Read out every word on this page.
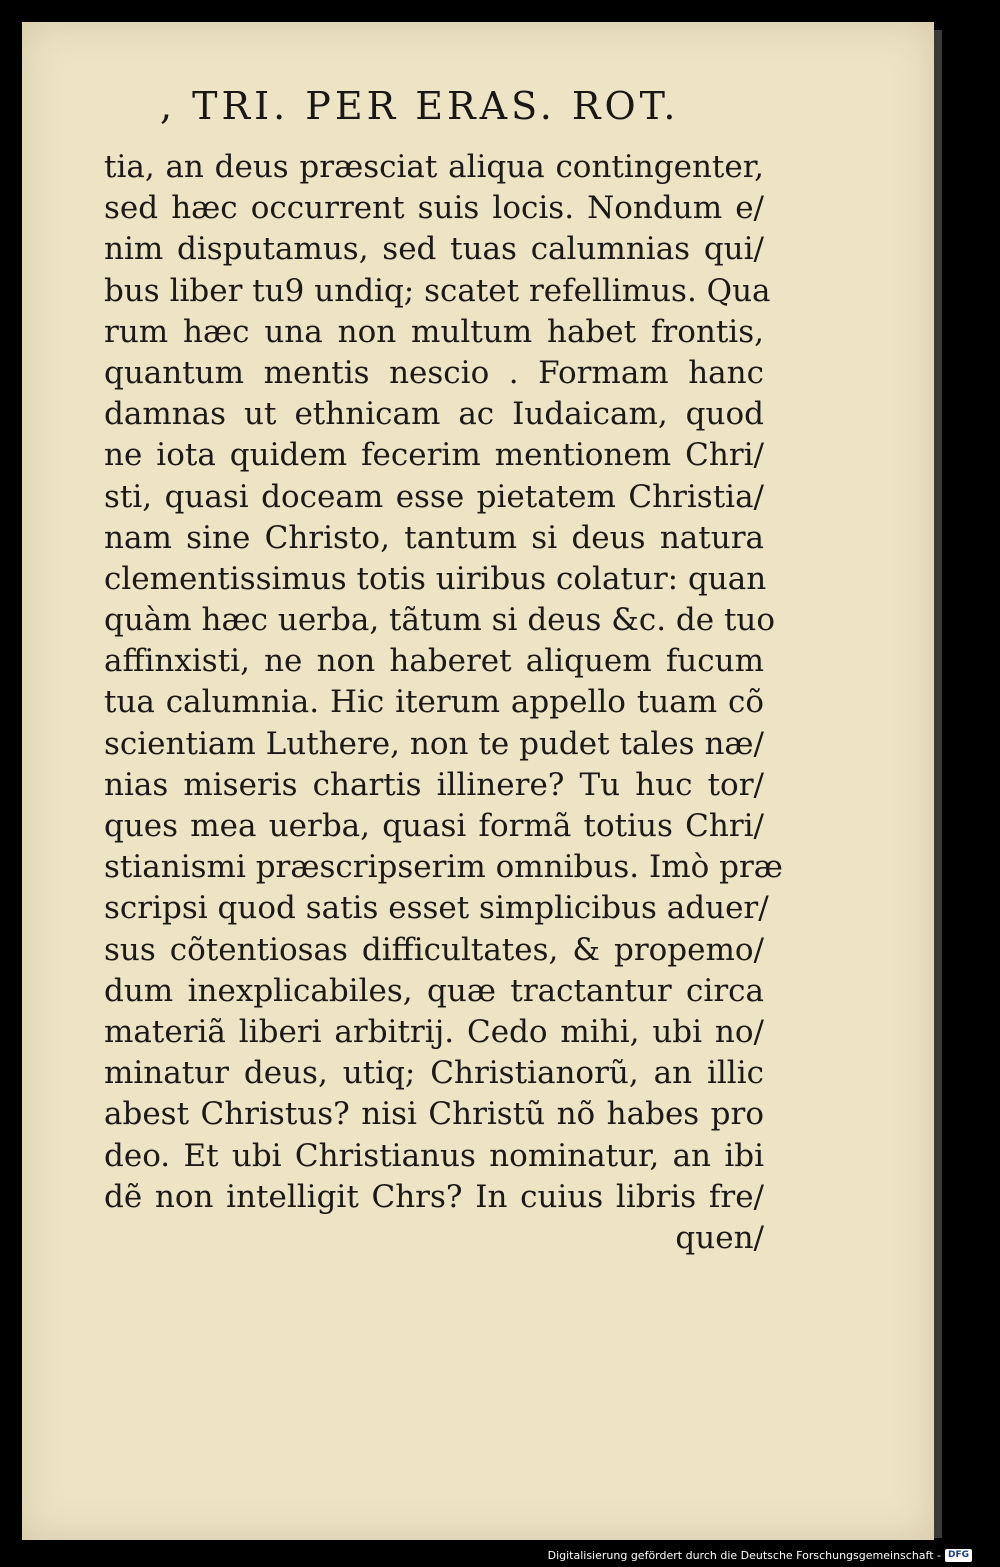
, TRI. PER ERAS. ROT.
tia, an deus præsciat aliqua contingenter,
sed hæc occurrent suis locis. Nondum e/
nim disputamus, sed tuas calumnias qui/
bus liber tu9 undiq; scatet refellimus. Qua
rum hæc una non multum habet frontis,
quantum mentis nescio . Formam hanc
damnas ut ethnicam ac Iudaicam, quod
ne iota quidem fecerim mentionem Chri/
sti, quasi doceam esse pietatem Christia/
nam sine Christo, tantum si deus natura
clementissimus totis uiribus colatur: quan
quàm hæc uerba, tãtum si deus &c. de tuo
affinxisti, ne non haberet aliquem fucum
tua calumnia. Hic iterum appello tuam cõ
scientiam Luthere, non te pudet tales næ/
nias miseris chartis illinere? Tu huc tor/
ques mea uerba, quasi formã totius Chri/
stianismi præscripserim omnibus. Imò præ
scripsi quod satis esset simplicibus aduer/
sus cõtentiosas difficultates, & propemo/
dum inexplicabiles, quæ tractantur circa
materiã liberi arbitrij. Cedo mihi, ubi no/
minatur deus, utiq; Christianorũ, an illic
abest Christus? nisi Christũ nõ habes pro
deo. Et ubi Christianus nominatur, an ibi
dẽ non intelligit Chrs? In cuius libris fre/
quen/
Digitalisierung gefördert durch die Deutsche Forschungsgemeinschaft - DFG
